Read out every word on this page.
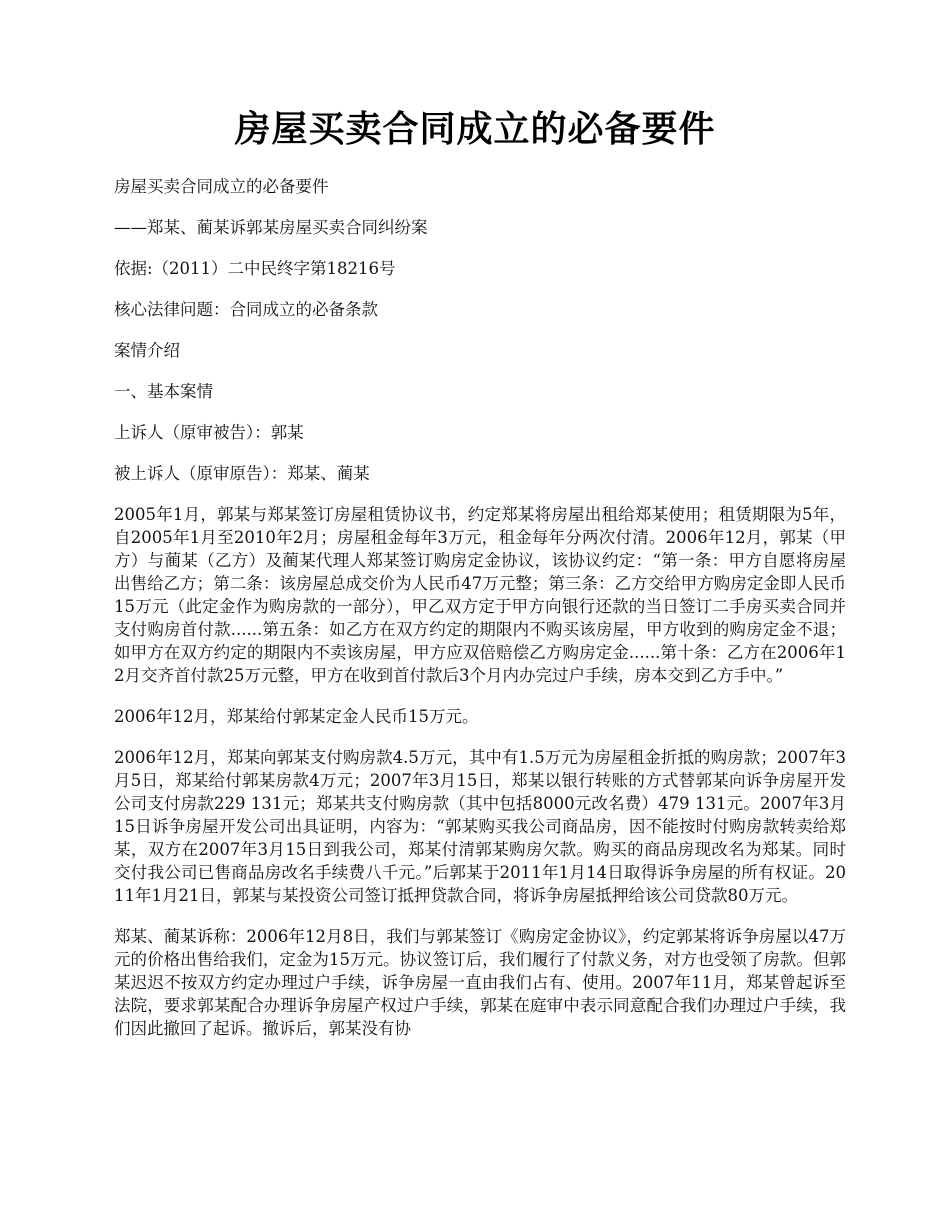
房屋买卖合同成立的必备要件

房屋买卖合同成立的必备要件

——郑某、蔺某诉郭某房屋买卖合同纠纷案

依据:（2011）二中民终字第18216号

核心法律问题：合同成立的必备条款

案情介绍

一、基本案情

上诉人（原审被告）：郭某

被上诉人（原审原告）：郑某、蔺某

2005年1月，郭某与郑某签订房屋租赁协议书，约定郑某将房屋出租给郑某使用；租赁期限为5年，自2005年1月至2010年2月；房屋租金每年3万元，租金每年分两次付清。2006年12月，郭某（甲方）与蔺某（乙方）及蔺某代理人郑某签订购房定金协议，该协议约定：“第一条：甲方自愿将房屋出售给乙方；第二条：该房屋总成交价为人民币47万元整；第三条：乙方交给甲方购房定金即人民币15万元（此定金作为购房款的一部分），甲乙双方定于甲方向银行还款的当日签订二手房买卖合同并支付购房首付款......第五条：如乙方在双方约定的期限内不购买该房屋，甲方收到的购房定金不退；如甲方在双方约定的期限内不卖该房屋，甲方应双倍赔偿乙方购房定金......第十条：乙方在2006年12月交齐首付款25万元整，甲方在收到首付款后3个月内办完过户手续，房本交到乙方手中。”

2006年12月，郑某给付郭某定金人民币15万元。

2006年12月，郑某向郭某支付购房款4.5万元，其中有1.5万元为房屋租金折抵的购房款；2007年3月5日，郑某给付郭某房款4万元；2007年3月15日，郑某以银行转账的方式替郭某向诉争房屋开发公司支付房款229 131元；郑某共支付购房款（其中包括8000元改名费）479 131元。2007年3月15日诉争房屋开发公司出具证明，内容为：“郭某购买我公司商品房，因不能按时付购房款转卖给郑某，双方在2007年3月15日到我公司，郑某付清郭某购房欠款。购买的商品房现改名为郑某。同时交付我公司已售商品房改名手续费八千元。”后郭某于2011年1月14日取得诉争房屋的所有权证。2011年1月21日，郭某与某投资公司签订抵押贷款合同，将诉争房屋抵押给该公司贷款80万元。

郑某、蔺某诉称：2006年12月8日，我们与郭某签订《购房定金协议》，约定郭某将诉争房屋以47万元的价格出售给我们，定金为15万元。协议签订后，我们履行了付款义务，对方也受领了房款。但郭某迟迟不按双方约定办理过户手续，诉争房屋一直由我们占有、使用。2007年11月，郑某曾起诉至法院，要求郭某配合办理诉争房屋产权过户手续，郭某在庭审中表示同意配合我们办理过户手续，我们因此撤回了起诉。撤诉后，郭某没有协
